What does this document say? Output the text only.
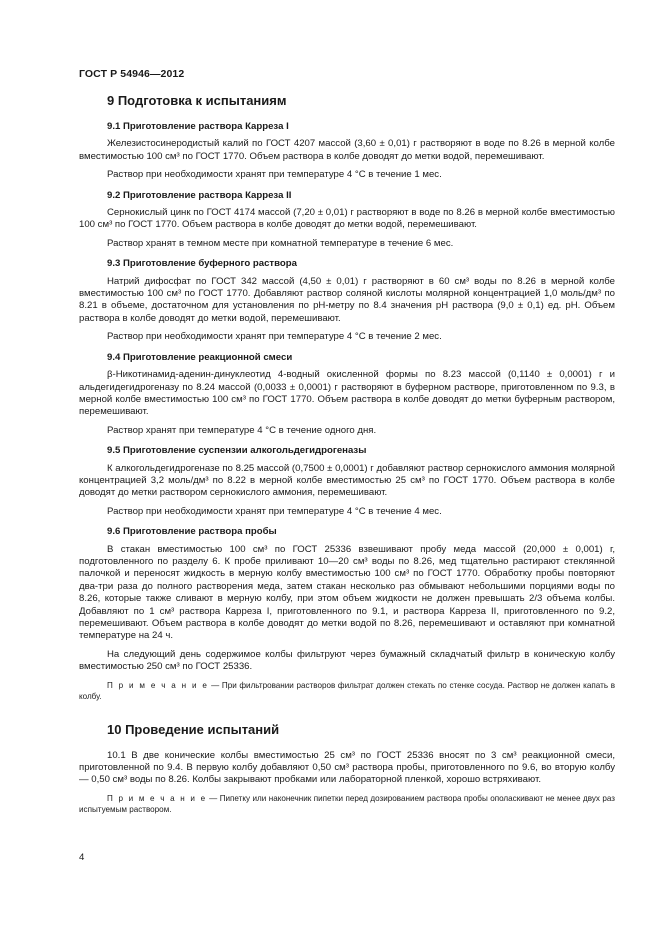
ГОСТ Р 54946—2012
9 Подготовка к испытаниям
9.1 Приготовление раствора Карреза I

Железистосинеродистый калий по ГОСТ 4207 массой (3,60 ± 0,01) г растворяют в воде по 8.26 в мерной колбе вместимостью 100 см³ по ГОСТ 1770. Объем раствора в колбе доводят до метки водой, перемешивают.

Раствор при необходимости хранят при температуре 4 °С в течение 1 мес.

9.2 Приготовление раствора Карреза II

Сернокислый цинк по ГОСТ 4174 массой (7,20 ± 0,01) г растворяют в воде по 8.26 в мерной колбе вместимостью 100 см³ по ГОСТ 1770. Объем раствора в колбе доводят до метки водой, перемешивают.

Раствор хранят в темном месте при комнатной температуре в течение 6 мес.

9.3 Приготовление буферного раствора

Натрий дифосфат по ГОСТ 342 массой (4,50 ± 0,01) г растворяют в 60 см³ воды по 8.26 в мерной колбе вместимостью 100 см³ по ГОСТ 1770. Добавляют раствор соляной кислоты молярной концентрацией 1,0 моль/дм³ по 8.21 в объеме, достаточном для установления по pH-метру по 8.4 значения pH раствора (9,0 ± 0,1) ед. pH. Объем раствора в колбе доводят до метки водой, перемешивают.

Раствор при необходимости хранят при температуре 4 °С в течение 2 мес.

9.4 Приготовление реакционной смеси

β-Никотинамид-аденин-динуклеотид 4-водный окисленной формы по 8.23 массой (0,1140 ± 0,0001) г и альдегидегидрогеназу по 8.24 массой (0,0033 ± 0,0001) г растворяют в буферном растворе, приготовленном по 9.3, в мерной колбе вместимостью 100 см³ по ГОСТ 1770. Объем раствора в колбе доводят до метки буферным раствором, перемешивают.

Раствор хранят при температуре 4 °С в течение одного дня.

9.5 Приготовление суспензии алкогольдегидрогеназы

К алкогольдегидрогеназе по 8.25 массой (0,7500 ± 0,0001) г добавляют раствор сернокислого аммония молярной концентрацией 3,2 моль/дм³ по 8.22 в мерной колбе вместимостью 25 см³ по ГОСТ 1770. Объем раствора в колбе доводят до метки раствором сернокислого аммония, перемешивают.

Раствор при необходимости хранят при температуре 4 °С в течение 4 мес.

9.6 Приготовление раствора пробы

В стакан вместимостью 100 см³ по ГОСТ 25336 взвешивают пробу меда массой (20,000 ± 0,001) г, подготовленного по разделу 6. К пробе приливают 10—20 см³ воды по 8.26, мед тщательно растирают стеклянной палочкой и переносят жидкость в мерную колбу вместимостью 100 см³ по ГОСТ 1770. Обработку пробы повторяют два-три раза до полного растворения меда, затем стакан несколько раз обмывают небольшими порциями воды по 8.26, которые также сливают в мерную колбу, при этом объем жидкости не должен превышать 2/3 объема колбы. Добавляют по 1 см³ раствора Карреза I, приготовленного по 9.1, и раствора Карреза II, приготовленного по 9.2, перемешивают. Объем раствора в колбе доводят до метки водой по 8.26, перемешивают и оставляют при комнатной температуре на 24 ч.

На следующий день содержимое колбы фильтруют через бумажный складчатый фильтр в коническую колбу вместимостью 250 см³ по ГОСТ 25336.

П р и м е ч а н и е — При фильтровании растворов фильтрат должен стекать по стенке сосуда. Раствор не должен капать в колбу.
10 Проведение испытаний

10.1 В две конические колбы вместимостью 25 см³ по ГОСТ 25336 вносят по 3 см³ реакционной смеси, приготовленной по 9.4. В первую колбу добавляют 0,50 см³ раствора пробы, приготовленного по 9.6, во вторую колбу — 0,50 см³ воды по 8.26. Колбы закрывают пробками или лабораторной пленкой, хорошо встряхивают.

П р и м е ч а н и е — Пипетку или наконечник пипетки перед дозированием раствора пробы ополаскивают не менее двух раз испытуемым раствором.
4
